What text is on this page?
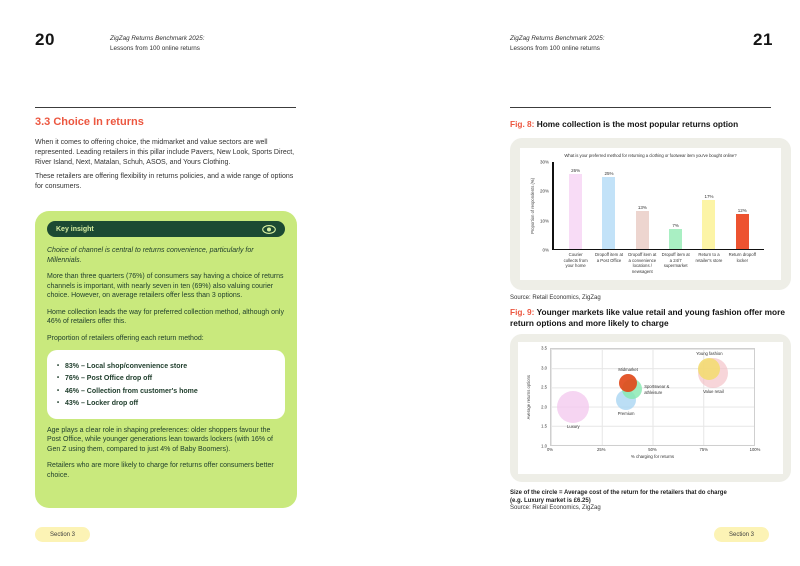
20	ZigZag Returns Benchmark 2025:
Lessons from 100 online returns
3.3 Choice In returns

When it comes to offering choice, the midmarket and value sectors are well represented. Leading retailers in this pillar include Pavers, New Look, Sports Direct, River Island, Next, Matalan, Schuh, ASOS, and Yours Clothing.

These retailers are offering flexibility in returns policies, and a wide range of options for consumers.

Key insight

Choice of channel is central to returns convenience, particularly for Millennials.

More than three quarters (76%) of consumers say having a choice of returns channels is important, with nearly seven in ten (69%) also valuing courier choice. However, on average retailers offer less than 3 options.

Home collection leads the way for preferred collection method, although only 46% of retailers offer this.

Proportion of retailers offering each return method:

• 83% – Local shop/convenience store
• 76% – Post Office drop off
• 46% – Collection from customer's home
• 43% – Locker drop off

Age plays a clear role in shaping preferences: older shoppers favour the Post Office, while younger generations lean towards lockers (with 16% of Gen Z using them, compared to just 4% of Baby Boomers).

Retailers who are more likely to charge for returns offer consumers better choice.

Section 3
ZigZag Returns Benchmark 2025:
Lessons from 100 online returns	21
Fig. 8: Home collection is the most popular returns option
What is your preferred method for returning a clothing or footwear item you've bought online?
Proportion of respondents (%)
30%
20%
10%
0%
26%
25%
13%
7%
17%
12%
Courier collects from your home
Dropoff item at a Post Office
Dropoff item at a convenience locations / newsagent
Dropoff item at a 24/7 supermarket
Return to a retailer's store
Return dropoff locker
Source: Retail Economics, ZigZag
Fig. 9: Younger markets like value retail and young fashion offer more return options and more likely to charge
Average returns options
3.5
3.0
2.5
2.0
1.5
1.0
Luxury
Value retail
Premium
Sportswear & athleisure
Young fashion
Midmarket
0%	25%	50%	75%	100%
% charging for returns
Size of the circle = Average cost of the return for the retailers that do charge
(e.g. Luxury market is £6.25)
Source: Retail Economics, ZigZag
Section 3
